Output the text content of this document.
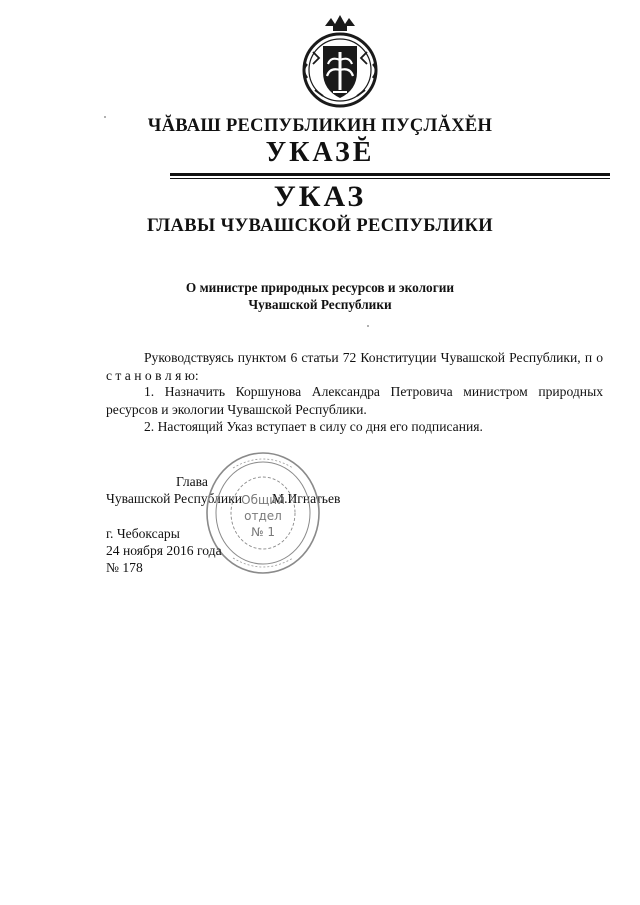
ЧĂВАШ РЕСПУБЛИКИН ПУÇЛĂХĔН
УКАЗĔ
УКАЗ
ГЛАВЫ ЧУВАШСКОЙ РЕСПУБЛИКИ
О министре природных ресурсов и экологии
Чувашской Республики
Руководствуясь пунктом 6 статьи 72 Конституции Чувашской Республики, п о с т а н о в л я ю:
1. Назначить Коршунова Александра Петровича министром природных ресурсов и экологии Чувашской Республики.
2. Настоящий Указ вступает в силу со дня его подписания.
Глава
Чувашской Республики М.Игнатьев
Общий
отдел
№ 1
г. Чебоксары
24 ноября 2016 года
№ 178
